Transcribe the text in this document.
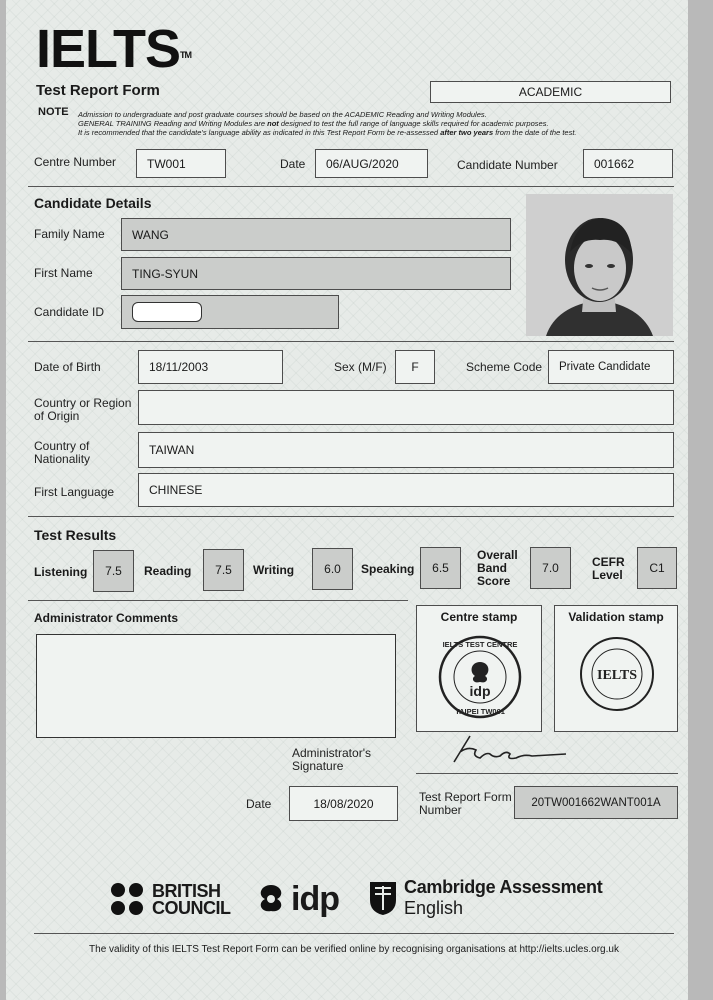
IELTS™
Test Report Form	ACADEMIC
NOTE Admission to undergraduate and post graduate courses should be based on the ACADEMIC Reading and Writing Modules.
GENERAL TRAINING Reading and Writing Modules are not designed to test the full range of language skills required for academic purposes.
It is recommended that the candidate's language ability as indicated in this Test Report Form be re-assessed after two years from the date of the test.
Centre Number	TW001	Date 06/AUG/2020	Candidate Number	001662
Candidate Details
Family Name WANG
First Name	TING-SYUN
Candidate ID
Date of Birth	18/11/2003	Sex (M/F) F	Scheme Code Private Candidate
Country or Region
of Origin
Country of
Nationality
TAIWAN
First Language	CHINESE
Test Results
Listening	7.5	Reading	7.5	Writing	6.0	Speaking	6.5
Overall
Band
Score
7.0	CEFR
Level	C1
Administrator Comments	Centre stamp
idp
IELTS TEST CENTRE
TAIPEI TW001
Validation stamp
IELTS
Administrator's
Signature
Date	18/08/2020	Test Report Form
Number
20TW001662WANT001A
BRITISH
COUNCIL idp	Cambridge Assessment
English
The validity of this IELTS Test Report Form can be verified online by recognising organisations at http://ielts.ucles.org.uk
